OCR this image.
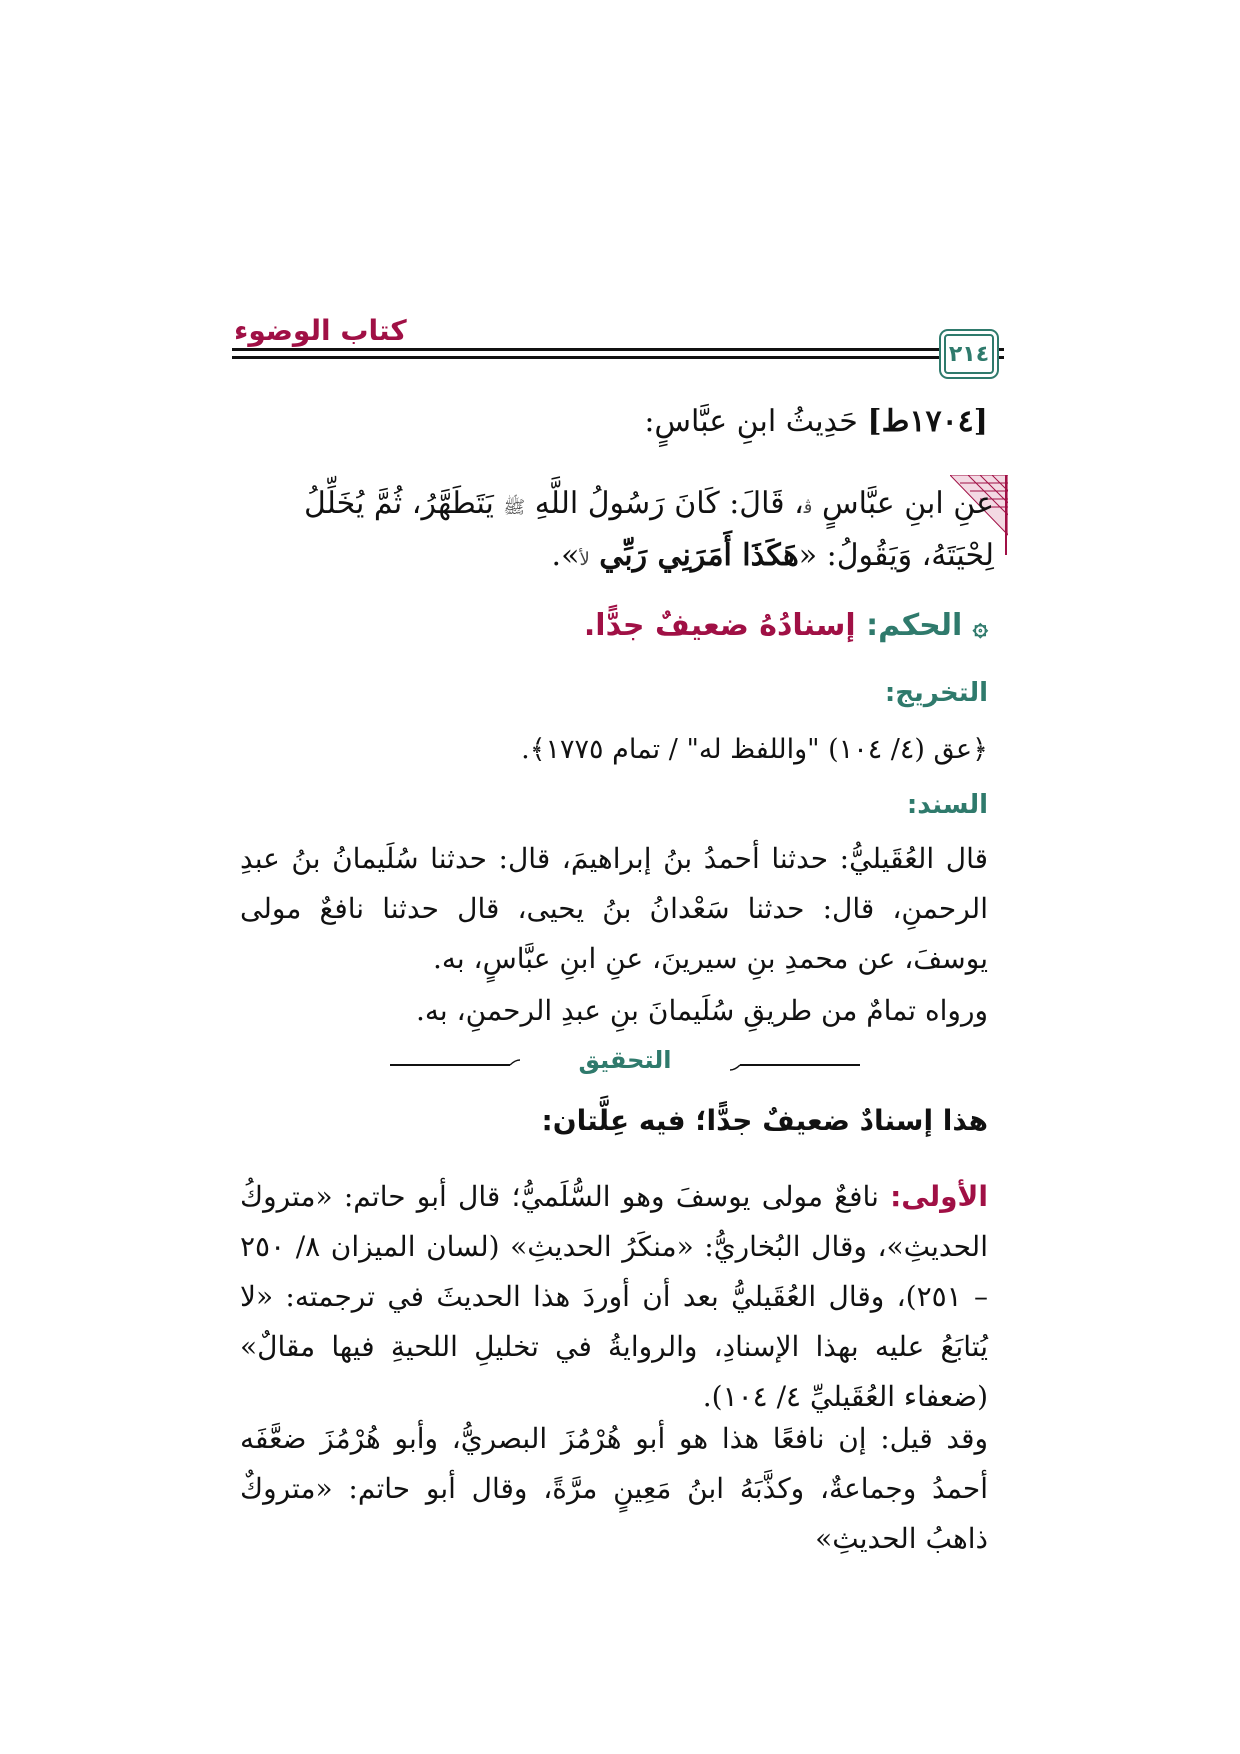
كتاب الوضوء
٢١٤
[١٧٠٤ط] حَدِيثُ ابنِ عبَّاسٍ:
عنِ ابنِ عبَّاسٍ ﭬ، قَالَ: كَانَ رَسُولُ اللَّهِ ﷺ يَتَطَهَّرُ، ثُمَّ يُخَلِّلُ
لِحْيَتَهُ، وَيَقُولُ: «هَكَذَا أَمَرَنِي رَبِّي ﻷ».
۞ الحكم: إسنادُهُ ضعيفٌ جدًّا.
التخريج:
﴿عق (٤/ ١٠٤) "واللفظ له" / تمام ١٧٧٥﴾.
السند:
قال العُقَيليُّ: حدثنا أحمدُ بنُ إبراهيمَ، قال: حدثنا سُلَيمانُ بنُ عبدِ الرحمنِ، قال: حدثنا سَعْدانُ بنُ يحيى، قال حدثنا نافعٌ مولى يوسفَ، عن محمدِ بنِ سيرينَ، عنِ ابنِ عبَّاسٍ، به.
ورواه تمامٌ من طريقِ سُلَيمانَ بنِ عبدِ الرحمنِ، به.
التحقيق
هذا إسنادٌ ضعيفٌ جدًّا؛ فيه عِلَّتان:
الأولى: نافعٌ مولى يوسفَ وهو السُّلَميُّ؛ قال أبو حاتم: «متروكُ الحديثِ»، وقال البُخاريُّ: «منكَرُ الحديثِ» (لسان الميزان ٨/ ٢٥٠ – ٢٥١)، وقال العُقَيليُّ بعد أن أوردَ هذا الحديثَ في ترجمته: «لا يُتابَعُ عليه بهذا الإسنادِ، والروايةُ في تخليلِ اللحيةِ فيها مقالٌ» (ضعفاء العُقَيليِّ ٤/ ١٠٤).
وقد قيل: إن نافعًا هذا هو أبو هُرْمُزَ البصريُّ، وأبو هُرْمُزَ ضعَّفَه أحمدُ وجماعةٌ، وكذَّبَهُ ابنُ مَعِينٍ مرَّةً، وقال أبو حاتم: «متروكٌ ذاهبُ الحديثِ»
